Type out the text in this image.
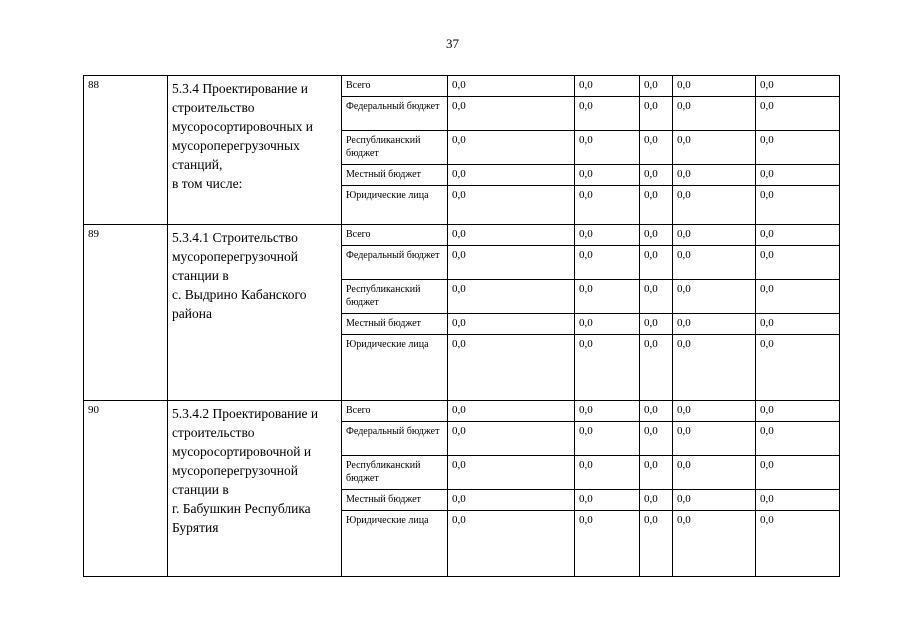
37
88	5.3.4 Проектирование и строительство мусоросортировочных и мусороперегрузочных станций,
в том числе:	Всего	0,0	0,0	0,0	0,0	0,0
		Федеральный бюджет	0,0	0,0	0,0	0,0	0,0
		Республиканский бюджет	0,0	0,0	0,0	0,0	0,0
		Местный бюджет	0,0	0,0	0,0	0,0	0,0
		Юридические лица	0,0	0,0	0,0	0,0	0,0
89	5.3.4.1 Строительство мусороперегрузочной станции в
с. Выдрино Кабанского района	Всего	0,0	0,0	0,0	0,0	0,0
		Федеральный бюджет	0,0	0,0	0,0	0,0	0,0
		Республиканский бюджет	0,0	0,0	0,0	0,0	0,0
		Местный бюджет	0,0	0,0	0,0	0,0	0,0
		Юридические лица	0,0	0,0	0,0	0,0	0,0
90	5.3.4.2 Проектирование и строительство мусоросортировочной и мусороперегрузочной станции в
г. Бабушкин Республика Бурятия	Всего	0,0	0,0	0,0	0,0	0,0
		Федеральный бюджет	0,0	0,0	0,0	0,0	0,0
		Республиканский бюджет	0,0	0,0	0,0	0,0	0,0
		Местный бюджет	0,0	0,0	0,0	0,0	0,0
		Юридические лица	0,0	0,0	0,0	0,0	0,0
